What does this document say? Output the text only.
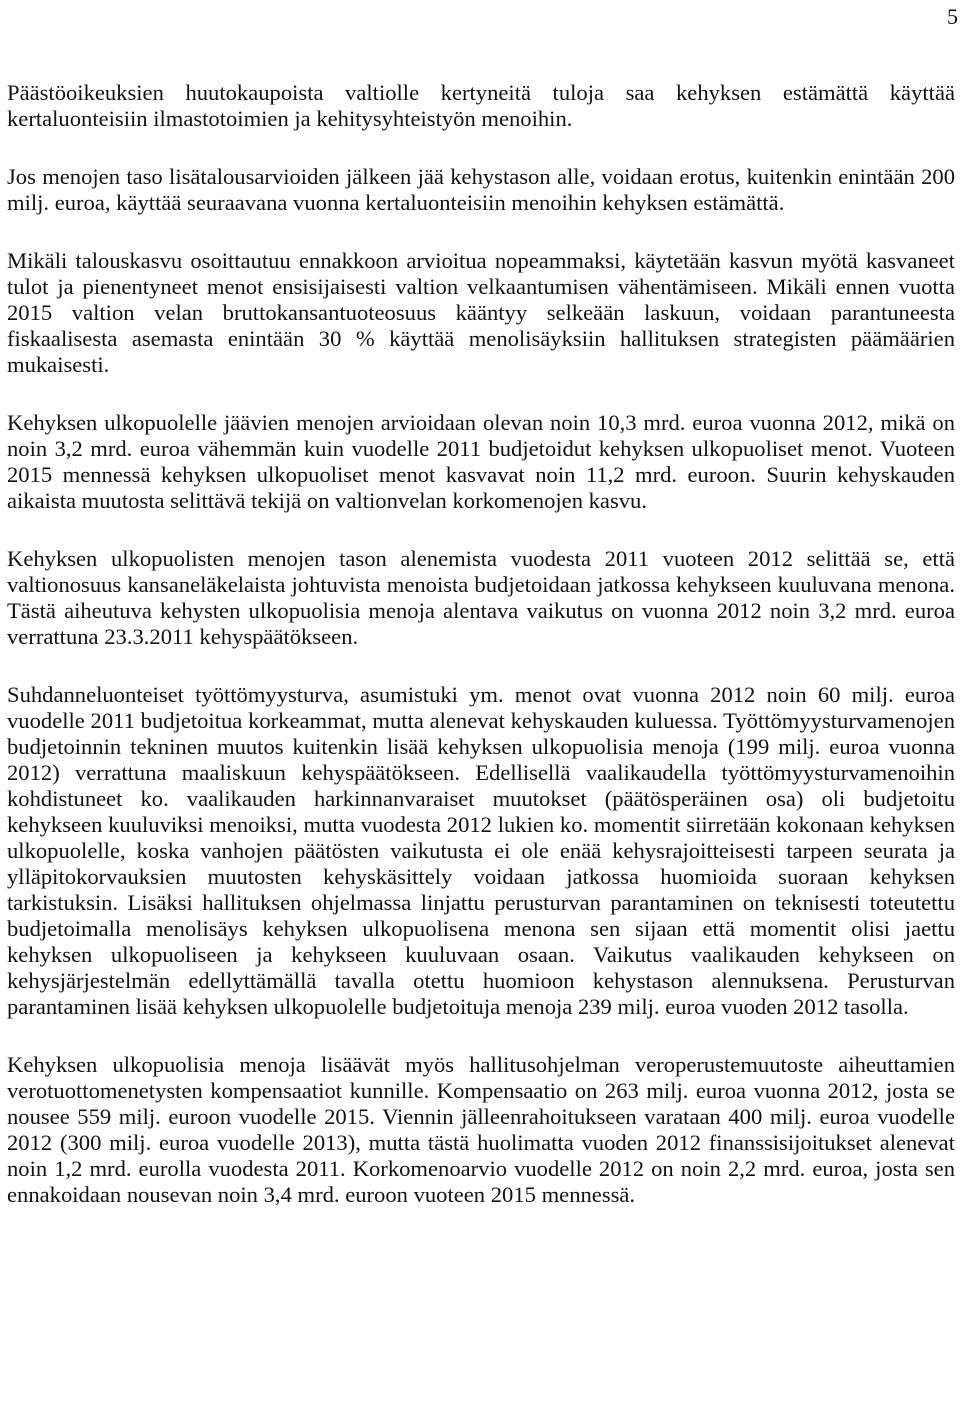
5

Päästöoikeuksien huutokaupoista valtiolle kertyneitä tuloja saa kehyksen estämättä käyttää kertaluonteisiin ilmastotoimien ja kehitysyhteistyön menoihin.

Jos menojen taso lisätalousarvioiden jälkeen jää kehystason alle, voidaan erotus, kuitenkin enintään 200 milj. euroa, käyttää seuraavana vuonna kertaluonteisiin menoihin kehyksen estämättä.

Mikäli talouskasvu osoittautuu ennakkoon arvioitua nopeammaksi, käytetään kasvun myötä kasvaneet tulot ja pienentyneet menot ensisijaisesti valtion velkaantumisen vähentämiseen. Mikäli ennen vuotta 2015 valtion velan bruttokansantuoteosuus kääntyy selkeään laskuun, voidaan parantuneesta fiskaalisesta asemasta enintään 30 % käyttää menolisäyksiin hallituksen strategisten päämäärien mukaisesti.

Kehyksen ulkopuolelle jäävien menojen arvioidaan olevan noin 10,3 mrd. euroa vuonna 2012, mikä on noin 3,2 mrd. euroa vähemmän kuin vuodelle 2011 budjetoidut kehyksen ulkopuoliset menot. Vuoteen 2015 mennessä kehyksen ulkopuoliset menot kasvavat noin 11,2 mrd. euroon. Suurin kehyskauden aikaista muutosta selittävä tekijä on valtionvelan korkomenojen kasvu.

Kehyksen ulkopuolisten menojen tason alenemista vuodesta 2011 vuoteen 2012 selittää se, että valtionosuus kansaneläkelaista johtuvista menoista budjetoidaan jatkossa kehykseen kuuluvana menona. Tästä aiheutuva kehysten ulkopuolisia menoja alentava vaikutus on vuonna 2012 noin 3,2 mrd. euroa verrattuna 23.3.2011 kehyspäätökseen.

Suhdanneluonteiset työttömyysturva, asumistuki ym. menot ovat vuonna 2012 noin 60 milj. euroa vuodelle 2011 budjetoitua korkeammat, mutta alenevat kehyskauden kuluessa. Työttömyysturvamenojen budjetoinnin tekninen muutos kuitenkin lisää kehyksen ulkopuolisia menoja (199 milj. euroa vuonna 2012) verrattuna maaliskuun kehyspäätökseen. Edellisellä vaalikaudella työttömyysturvamenoihin kohdistuneet ko. vaalikauden harkinnanvaraiset muutokset (päätösperäinen osa) oli budjetoitu kehykseen kuuluviksi menoiksi, mutta vuodesta 2012 lukien ko. momentit siirretään kokonaan kehyksen ulkopuolelle, koska vanhojen päätösten vaikutusta ei ole enää kehysrajoitteisesti tarpeen seurata ja ylläpitokorvauksien muutosten kehyskäsittely voidaan jatkossa huomioida suoraan kehyksen tarkistuksin. Lisäksi hallituksen ohjelmassa linjattu perusturvan parantaminen on teknisesti toteutettu budjetoimalla menolisäys kehyksen ulkopuolisena menona sen sijaan että momentit olisi jaettu kehyksen ulkopuoliseen ja kehykseen kuuluvaan osaan. Vaikutus vaalikauden kehykseen on kehysjärjestelmän edellyttämällä tavalla otettu huomioon kehystason alennuksena. Perusturvan parantaminen lisää kehyksen ulkopuolelle budjetoituja menoja 239 milj. euroa vuoden 2012 tasolla.

Kehyksen ulkopuolisia menoja lisäävät myös hallitusohjelman veroperustemuutoste aiheuttamien verotuottomenetysten kompensaatiot kunnille. Kompensaatio on 263 milj. euroa vuonna 2012, josta se nousee 559 milj. euroon vuodelle 2015. Viennin jälleenrahoitukseen varataan 400 milj. euroa vuodelle 2012 (300 milj. euroa vuodelle 2013), mutta tästä huolimatta vuoden 2012 finanssisijoitukset alenevat noin 1,2 mrd. eurolla vuodesta 2011. Korkomenoarvio vuodelle 2012 on noin 2,2 mrd. euroa, josta sen ennakoidaan nousevan noin 3,4 mrd. euroon vuoteen 2015 mennessä.
